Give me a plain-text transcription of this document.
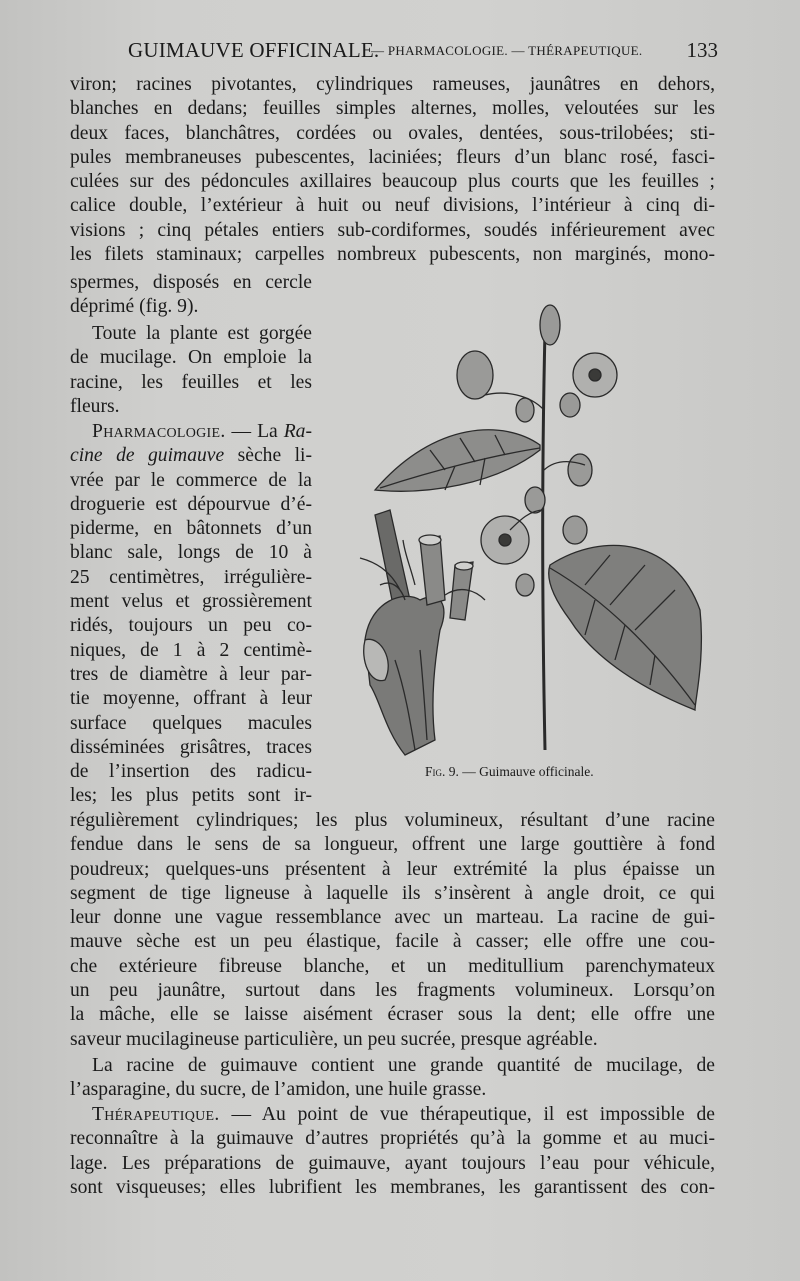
GUIMAUVE OFFICINALE.
— PHARMACOLOGIE. — THÉRAPEUTIQUE. 133
viron; racines pivotantes, cylindriques rameuses, jaunâtres en dehors,
blanches en dedans; feuilles simples alternes, molles, veloutées sur les
deux faces, blanchâtres, cordées ou ovales, dentées, sous-trilobées; sti-
pules membraneuses pubescentes, laciniées; fleurs d’un blanc rosé, fasci-
culées sur des pédoncules axillaires beaucoup plus courts que les feuilles ;
calice double, l’extérieur à huit ou neuf divisions, l’intérieur à cinq di-
visions ; cinq pétales entiers sub-cordiformes, soudés inférieurement avec
les filets staminaux; carpelles nombreux pubescents, non marginés, mono-
spermes, disposés en cercle
déprimé (fig. 9).
Toute la plante est gorgée
de mucilage. On emploie la
racine, les feuilles et les
fleurs.
Pharmacologie. — La Ra-
cine de guimauve sèche li-
vrée par le commerce de la
droguerie est dépourvue d’é-
piderme, en bâtonnets d’un
blanc sale, longs de 10 à
25 centimètres, irrégulière-
ment velus et grossièrement
ridés, toujours un peu co-
niques, de 1 à 2 centimè-
tres de diamètre à leur par-
tie moyenne, offrant à leur
surface quelques macules
disséminées grisâtres, traces
de l’insertion des radicu-
les; les plus petits sont ir-
régulièrement cylindriques; les plus volumineux, résultant d’une racine
fendue dans le sens de sa longueur, offrent une large gouttière à fond
poudreux; quelques-uns présentent à leur extrémité la plus épaisse un
segment de tige ligneuse à laquelle ils s’insèrent à angle droit, ce qui
leur donne une vague ressemblance avec un marteau. La racine de gui-
mauve sèche est un peu élastique, facile à casser; elle offre une cou-
che extérieure fibreuse blanche, et un meditullium parenchymateux
un peu jaunâtre, surtout dans les fragments volumineux. Lorsqu’on
la mâche, elle se laisse aisément écraser sous la dent; elle offre une
saveur mucilagineuse particulière, un peu sucrée, presque agréable.
La racine de guimauve contient une grande quantité de mucilage, de
l’asparagine, du sucre, de l’amidon, une huile grasse.
Thérapeutique. — Au point de vue thérapeutique, il est impossible de
reconnaître à la guimauve d’autres propriétés qu’à la gomme et au muci-
lage. Les préparations de guimauve, ayant toujours l’eau pour véhicule,
sont visqueuses; elles lubrifient les membranes, les garantissent des con-
Fig. 9. — Guimauve officinale.
